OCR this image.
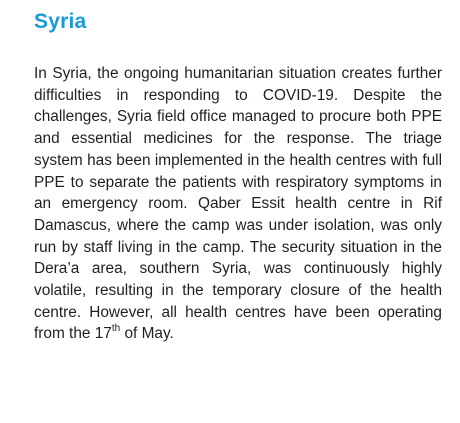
Syria

In Syria, the ongoing humanitarian situation creates further difficulties in responding to COVID-19. Despite the challenges, Syria field office managed to procure both PPE and essential medicines for the response. The triage system has been implemented in the health centres with full PPE to separate the patients with respiratory symptoms in an emergency room. Qaber Essit health centre in Rif Damascus, where the camp was under isolation, was only run by staff living in the camp. The security situation in the Dera’a area, southern Syria, was continuously highly volatile, resulting in the temporary closure of the health centre. However, all health centres have been operating from the 17th of May.
